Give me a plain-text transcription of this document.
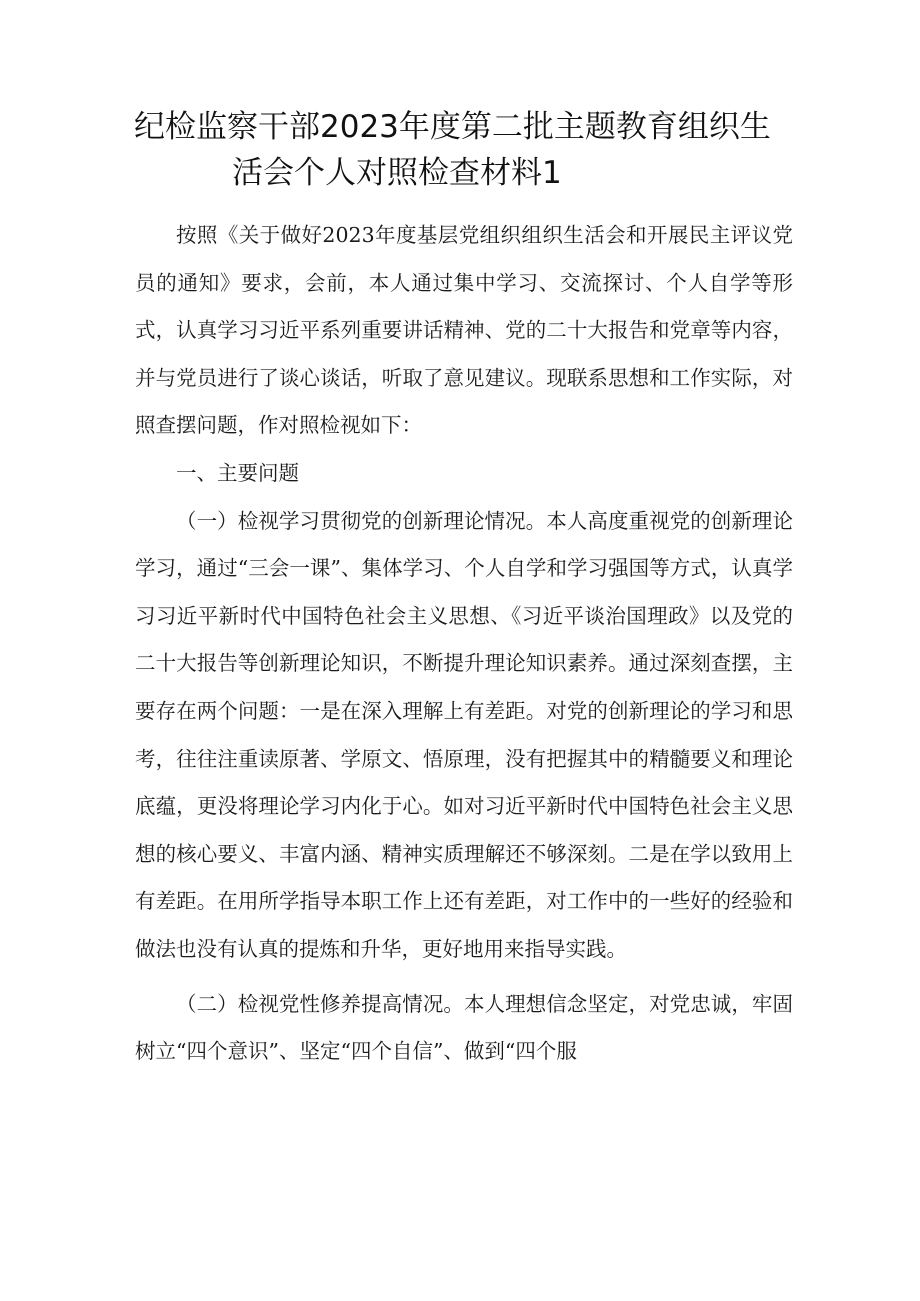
纪检监察干部2023年度第二批主题教育组织生
活会个人对照检查材料1

按照《关于做好2023年度基层党组织组织生活会和开展民主评议党员的通知》要求，会前，本人通过集中学习、交流探讨、个人自学等形式，认真学习习近平系列重要讲话精神、党的二十大报告和党章等内容，并与党员进行了谈心谈话，听取了意见建议。现联系思想和工作实际，对照查摆问题，作对照检视如下：

一、主要问题

（一）检视学习贯彻党的创新理论情况。本人高度重视党的创新理论学习，通过“三会一课”、集体学习、个人自学和学习强国等方式，认真学习习近平新时代中国特色社会主义思想、《习近平谈治国理政》以及党的二十大报告等创新理论知识，不断提升理论知识素养。通过深刻查摆，主要存在两个问题：一是在深入理解上有差距。对党的创新理论的学习和思考，往往注重读原著、学原文、悟原理，没有把握其中的精髓要义和理论底蕴，更没将理论学习内化于心。如对习近平新时代中国特色社会主义思想的核心要义、丰富内涵、精神实质理解还不够深刻。二是在学以致用上有差距。在用所学指导本职工作上还有差距，对工作中的一些好的经验和做法也没有认真的提炼和升华，更好地用来指导实践。

（二）检视党性修养提高情况。本人理想信念坚定，对党忠诚，牢固树立“四个意识”、坚定“四个自信”、做到“四个服
